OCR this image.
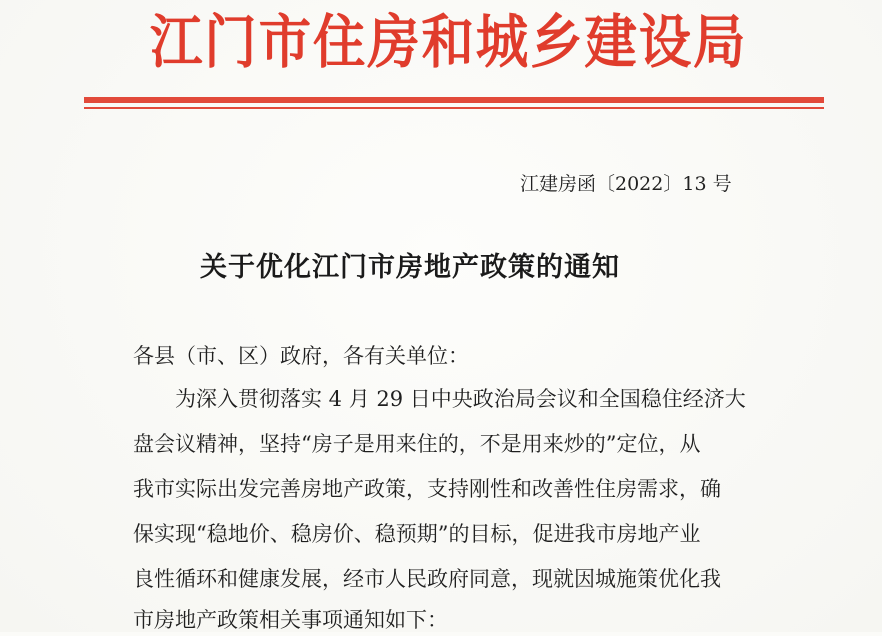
江门市住房和城乡建设局
江建房函〔2022〕13 号
关于优化江门市房地产政策的通知
各县（市、区）政府，各有关单位：
为深入贯彻落实 4 月 29 日中央政治局会议和全国稳住经济大
盘会议精神，坚持“房子是用来住的，不是用来炒的”定位，从
我市实际出发完善房地产政策，支持刚性和改善性住房需求，确
保实现“稳地价、稳房价、稳预期”的目标，促进我市房地产业
良性循环和健康发展，经市人民政府同意，现就因城施策优化我
市房地产政策相关事项通知如下：
